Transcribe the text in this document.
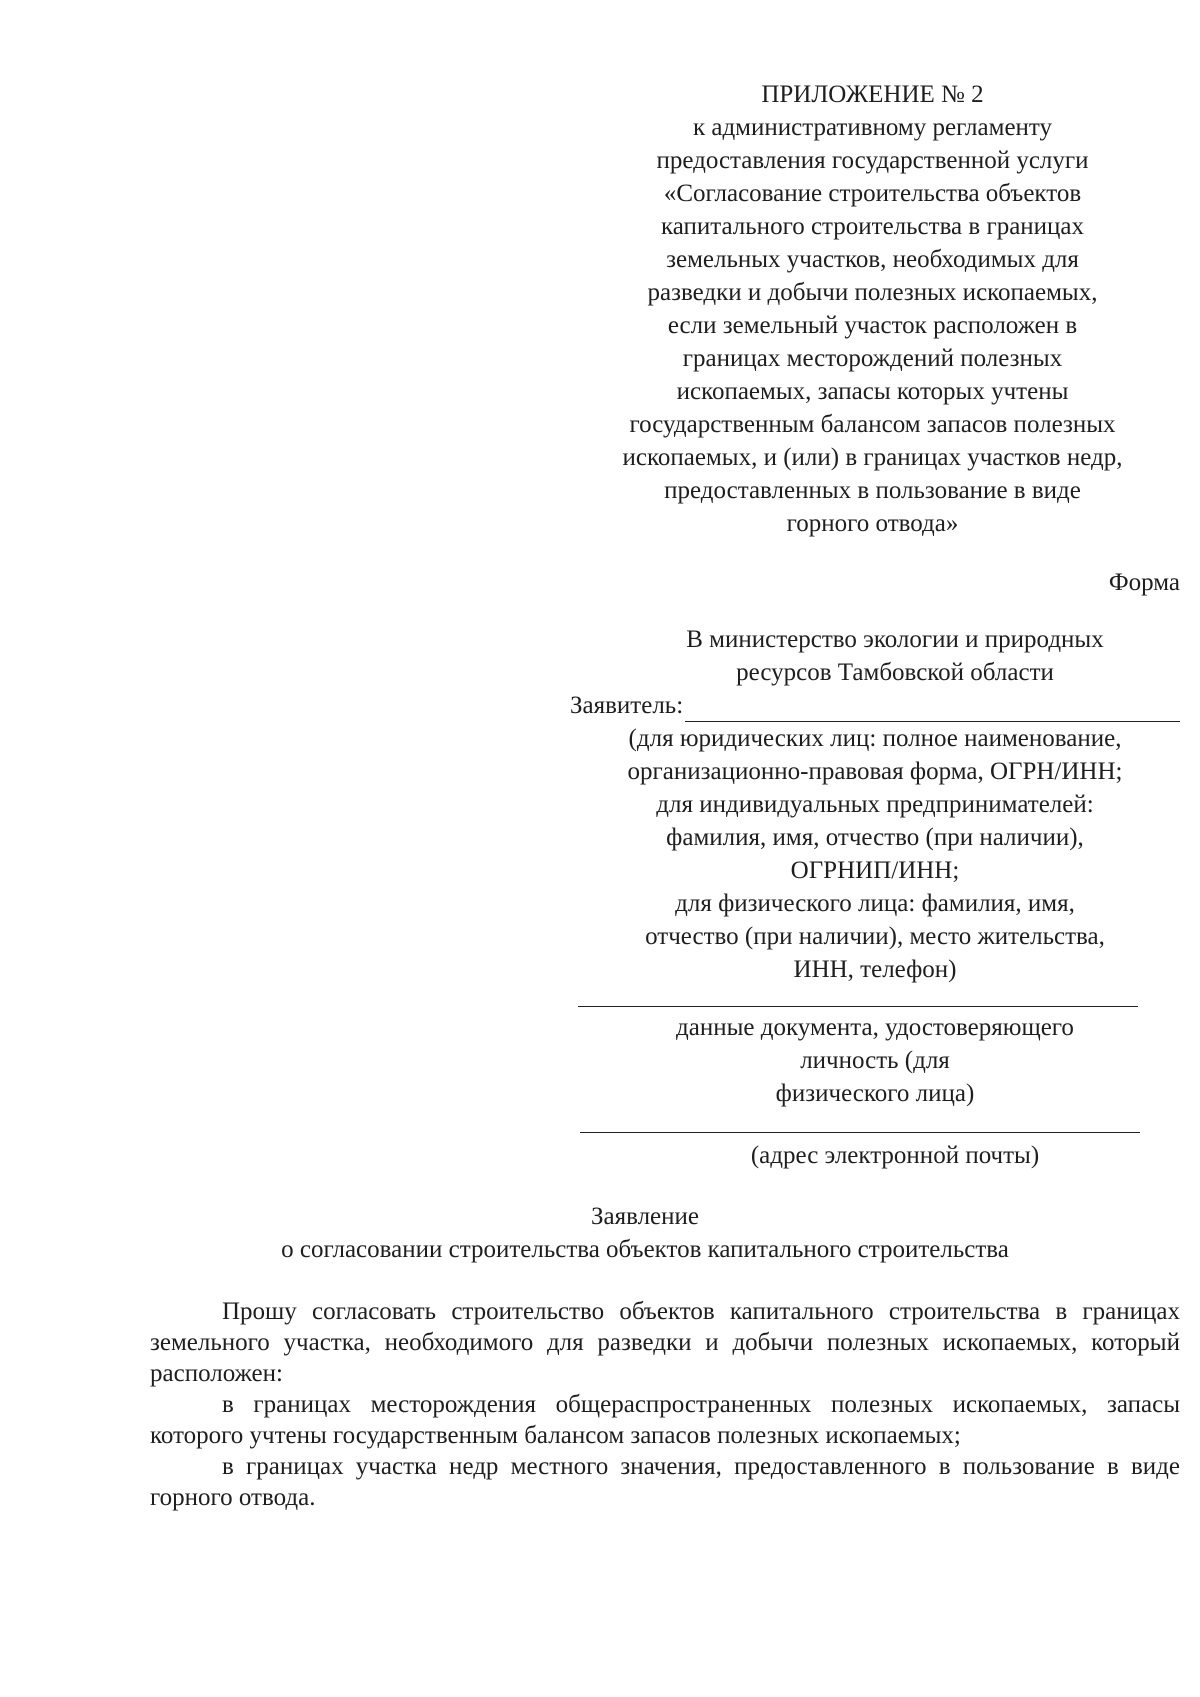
ПРИЛОЖЕНИЕ № 2
к административному регламенту
предоставления государственной услуги
«Согласование строительства объектов
капитального строительства в границах
земельных участков, необходимых для
разведки и добычи полезных ископаемых,
если земельный участок расположен в
границах месторождений полезных
ископаемых, запасы которых учтены
государственным балансом запасов полезных
ископаемых, и (или) в границах участков недр,
предоставленных в пользование в виде
горного отвода»
Форма
В министерство экологии и природных
ресурсов Тамбовской области
Заявитель:
(для юридических лиц: полное наименование,
организационно-правовая форма, ОГРН/ИНН;
для индивидуальных предпринимателей:
фамилия, имя, отчество (при наличии),
ОГРНИП/ИНН;
для физического лица: фамилия, имя,
отчество (при наличии), место жительства,
ИНН, телефон)
данные документа, удостоверяющего
личность (для
физического лица)
(адрес электронной почты)
Заявление
о согласовании строительства объектов капитального строительства

Прошу согласовать строительство объектов капитального строительства в границах земельного участка, необходимого для разведки и добычи полезных ископаемых, который расположен:

в границах месторождения общераспространенных полезных ископаемых, запасы которого учтены государственным балансом запасов полезных ископаемых;

в границах участка недр местного значения, предоставленного в пользование в виде горного отвода.
